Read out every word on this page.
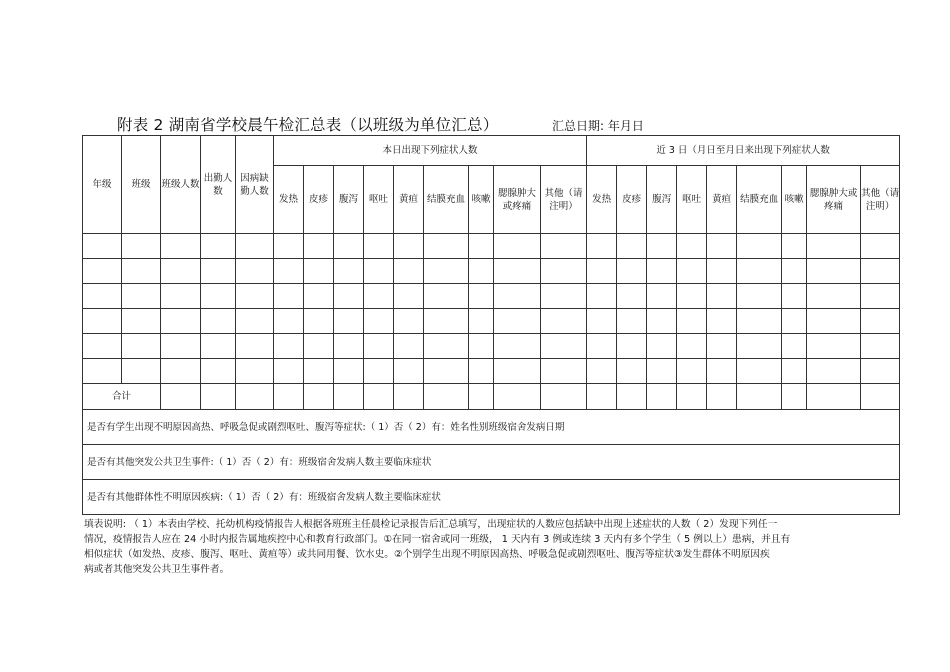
附表 2 湖南省学校晨午检汇总表（以班级为单位汇总）	汇总日期: 年月日
年级	班级	班级人数	出勤人数	因病缺勤人数	本日出现下列症状人数									近 3 日（月日至月日来出现下列症状人数								
					发热	皮疹	腹泻	呕吐	黄疸	结膜充血	咳嗽	腮腺肿大或疼痛	其他（请注明）	发热	皮疹	腹泻	呕吐	黄疸	结膜充血	咳嗽	腮腺肿大或疼痛	其他（请注明）

合计																						
是否有学生出现不明原因高热、呼吸急促或剧烈呕吐、腹泻等症状:（ 1）否（ 2）有：姓名性别班级宿舍发病日期																						
是否有其他突发公共卫生事件:（ 1）否（ 2）有：班级宿舍发病人数主要临床症状																						
是否有其他群体性不明原因疾病:（ 1）否（ 2）有：班级宿舍发病人数主要临床症状																						
填表说明: （ 1）本表由学校、托幼机构疫情报告人根据各班班主任晨检记录报告后汇总填写，出现症状的人数应包括缺中出现上述症状的人数（ 2）发现下列任一
情况，疫情报告人应在 24 小时内报告属地疾控中心和教育行政部门。①在同一宿舍或同一班级， 1 天内有 3 例或连续 3 天内有多个学生（ 5 例以上）患病，并且有
相似症状（如发热、皮疹、腹泻、呕吐、黄疸等）或共同用餐、饮水史。②个别学生出现不明原因高热、呼吸急促或剧烈呕吐、腹泻等症状③发生群体不明原因疾
病或者其他突发公共卫生事件者。
